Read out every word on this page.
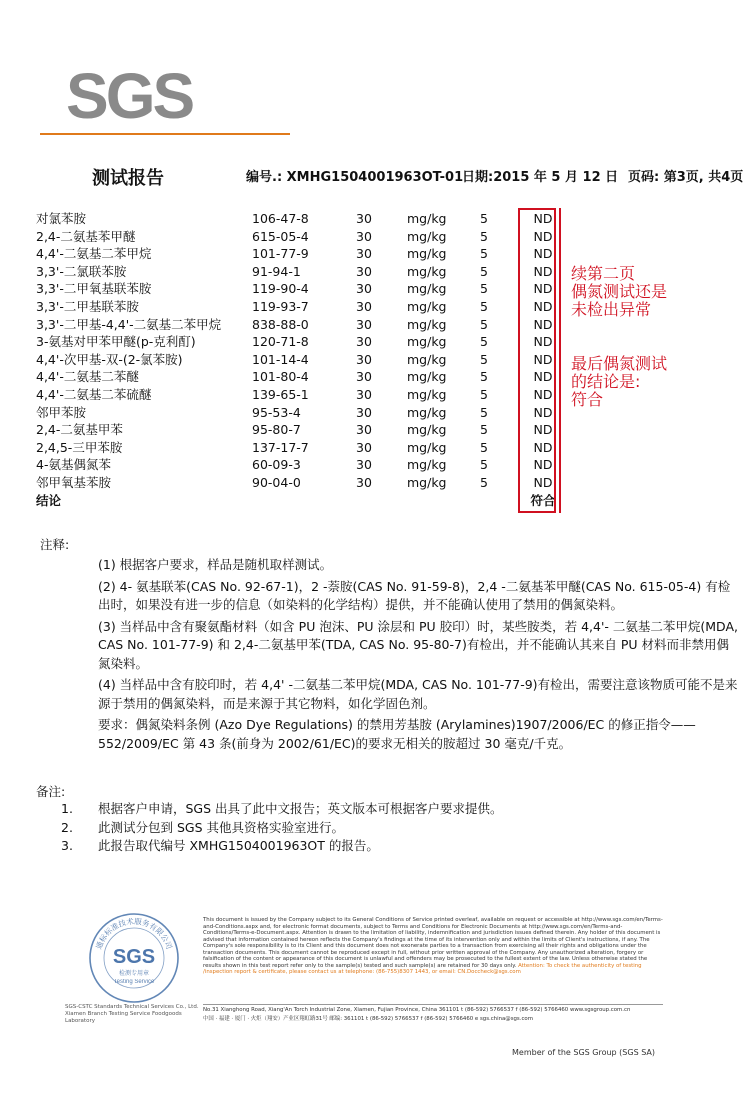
SGS
测试报告	编号.: XMHG1504001963OT-01
日期:2015 年 5 月 12 日 页码: 第3页, 共4页
对氯苯胺	106-47-8	30	mg/kg	5	ND
2,4-二氨基苯甲醚	615-05-4	30	mg/kg	5	ND
4,4'-二氨基二苯甲烷	101-77-9	30	mg/kg	5	ND
3,3'-二氯联苯胺	91-94-1	30	mg/kg	5	ND
3,3'-二甲氧基联苯胺	119-90-4	30	mg/kg	5	ND
3,3'-二甲基联苯胺	119-93-7	30	mg/kg	5	ND
3,3'-二甲基-4,4'-二氨基二苯甲烷 838-88-0	30	mg/kg	5	ND
3-氨基对甲苯甲醚(p-克利酊)	120-71-8	30	mg/kg	5	ND
4,4'-次甲基-双-(2-氯苯胺)	101-14-4	30	mg/kg	5	ND
4,4'-二氨基二苯醚	101-80-4	30	mg/kg	5	ND
4,4'-二氨基二苯硫醚	139-65-1	30	mg/kg	5	ND
邻甲苯胺	95-53-4	30	mg/kg	5	ND
2,4-二氨基甲苯	95-80-7	30	mg/kg	5	ND
2,4,5-三甲苯胺	137-17-7	30	mg/kg	5	ND
4-氨基偶氮苯	60-09-3	30	mg/kg	5	ND
邻甲氧基苯胺	90-04-0	30	mg/kg	5	ND
结论	符合
续第二页
偶氮测试还是
未检出异常
最后偶氮测试
的结论是:
符合
注释:

(1) 根据客户要求，样品是随机取样测试。

(2) 4- 氨基联苯(CAS No. 92-67-1)，2 -萘胺(CAS No. 91-59-8)，2,4 -二氨基苯甲醚(CAS No. 615-05-4) 有检出时，如果没有进一步的信息（如染料的化学结构）提供，并不能确认使用了禁用的偶氮染料。

(3) 当样品中含有聚氨酯材料（如含 PU 泡沫、PU 涂层和 PU 胶印）时，某些胺类，若 4,4'- 二氨基二苯甲烷(MDA, CAS No. 101-77-9) 和 2,4-二氨基甲苯(TDA, CAS No. 95-80-7)有检出，并不能确认其来自 PU 材料而非禁用偶氮染料。

(4) 当样品中含有胶印时，若 4,4' -二氨基二苯甲烷(MDA, CAS No. 101-77-9)有检出，需要注意该物质可能不是来源于禁用的偶氮染料，而是来源于其它物料，如化学固色剂。

要求：偶氮染料条例 (Azo Dye Regulations) 的禁用芳基胺 (Arylamines)1907/2006/EC 的修正指令——552/2009/EC 第 43 条(前身为 2002/61/EC)的要求无相关的胺超过 30 毫克/千克。

备注:
1. 根据客户申请，SGS 出具了此中文报告；英文版本可根据客户要求提供。
2. 此测试分包到 SGS 其他具资格实验室进行。
3. 此报告取代编号 XMHG1504001963OT 的报告。
通标标准技术服务有限公司
SGS
检测专用章
Testing Service
SGS-CSTC Standards Technical Services Co., Ltd. Xiamen Branch Testing Service Foodgoods Laboratory
This document is issued by the Company subject to its General Conditions of Service printed overleaf, available on request or accessible at http://www.sgs.com/en/Terms-and-Conditions.aspx and, for electronic format documents, subject to Terms and Conditions for Electronic Documents at http://www.sgs.com/en/Terms-and-Conditions/Terms-e-Document.aspx. Attention is drawn to the limitation of liability, indemnification and jurisdiction issues defined therein. Any holder of this document is advised that information contained hereon reflects the Company's findings at the time of its intervention only and within the limits of Client's instructions, if any. The Company's sole responsibility is to its Client and this document does not exonerate parties to a transaction from exercising all their rights and obligations under the transaction documents. This document cannot be reproduced except in full, without prior written approval of the Company. Any unauthorized alteration, forgery or falsification of the content or appearance of this document is unlawful and offenders may be prosecuted to the fullest extent of the law. Unless otherwise stated the results shown in this test report refer only to the sample(s) tested and such sample(s) are retained for 30 days only. Attention: To check the authenticity of testing /inspection report & certificate, please contact us at telephone: (86-755)8307 1443, or email: CN.Doccheck@sgs.com
No.31 Xianghong Road, Xiang'An Torch Industrial Zone, Xiamen, Fujian Province, China 361101 t (86-592) 5766537 f (86-592) 5766460 www.sgsgroup.com.cn
中国 · 福建 · 厦门 · 火炬（翔安）产业区翔虹路31号 邮编: 361101 t (86-592) 5766537 f (86-592) 5766460 e sgs.china@sgs.com
Member of the SGS Group (SGS SA)
